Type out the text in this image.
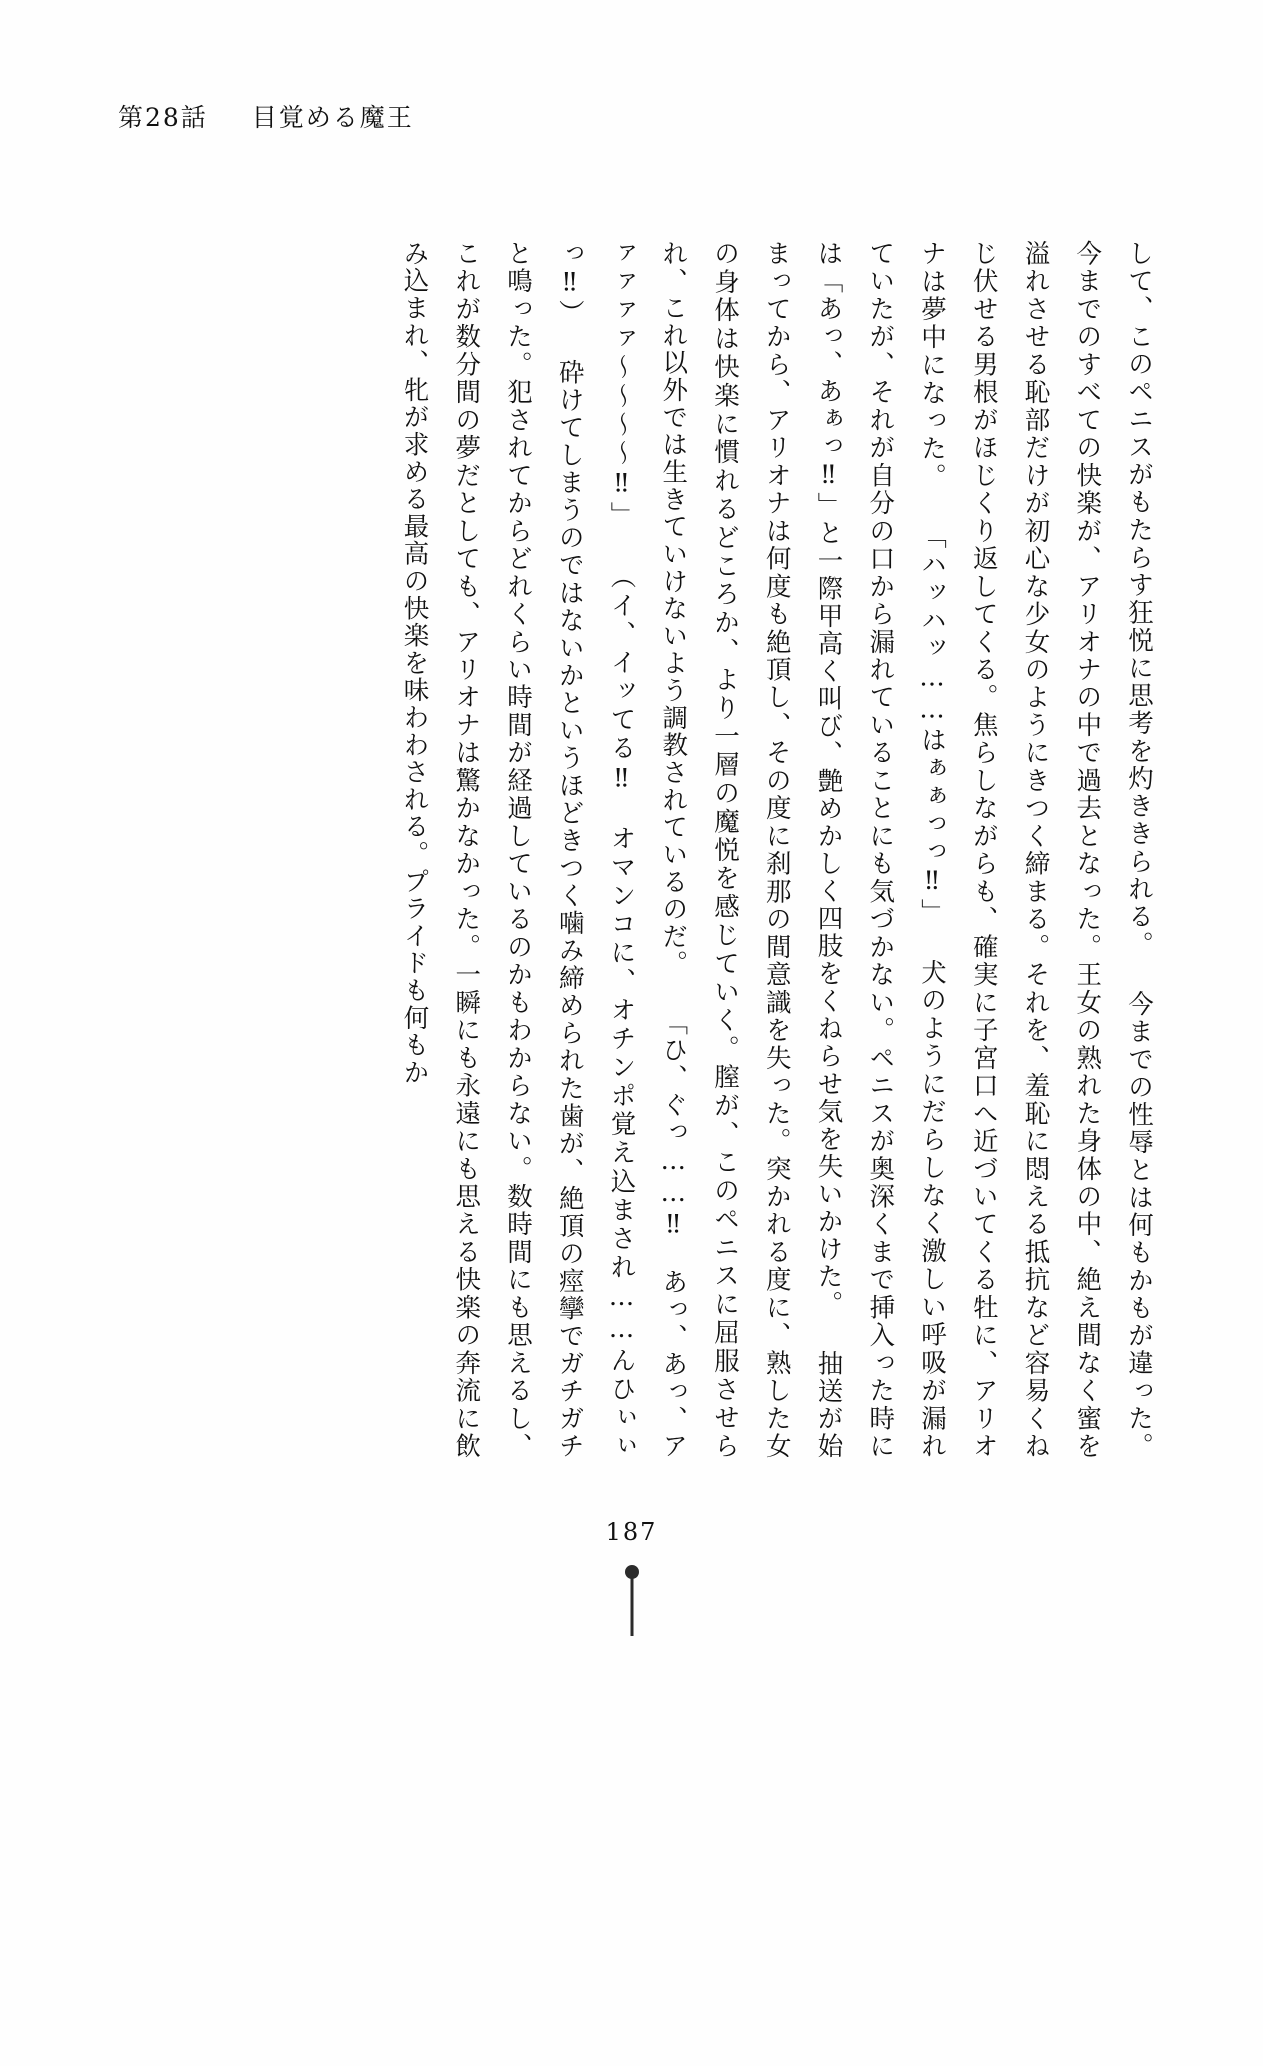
第28話 目覚める魔王

して、このペニスがもたらす狂悦に思考を灼ききられる。 今までの性辱とは何もかもが違った。今までのすべての快楽が、アリオナの中で過去となった。王女の熟れた身体の中、絶え間なく蜜を溢れさせる恥部だけが初心な少女のようにきつく締まる。それを、羞恥に悶える抵抗など容易くねじ伏せる男根がほじくり返してくる。焦らしながらも、確実に子宮口へ近づいてくる牡に、アリオナは夢中になった。 「ハッハッ……はぁぁっっ‼」 犬のようにだらしなく激しい呼吸が漏れていたが、それが自分の口から漏れていることにも気づかない。ペニスが奥深くまで挿入った時には「あっ、あぁっ‼」と一際甲高く叫び、艶めかしく四肢をくねらせ気を失いかけた。 抽送が始まってから、アリオナは何度も絶頂し、その度に刹那の間意識を失った。突かれる度に、熟した女の身体は快楽に慣れるどころか、より一層の魔悦を感じていく。膣が、このペニスに屈服させられ、これ以外では生きていけないよう調教されているのだ。 「ひ、ぐっ……‼　あっ、あっ、アァァァァ～～～～‼」 （イ、イッてる‼　オマンコに、オチンポ覚え込まされ……んひぃぃっ‼） 砕けてしまうのではないかというほどきつく噛み締められた歯が、絶頂の痙攣でガチガチと鳴った。犯されてからどれくらい時間が経過しているのかもわからない。数時間にも思えるし、これが数分間の夢だとしても、アリオナは驚かなかった。一瞬にも永遠にも思える快楽の奔流に飲み込まれ、牝が求める最高の快楽を味わわされる。プライドも何もか

187
